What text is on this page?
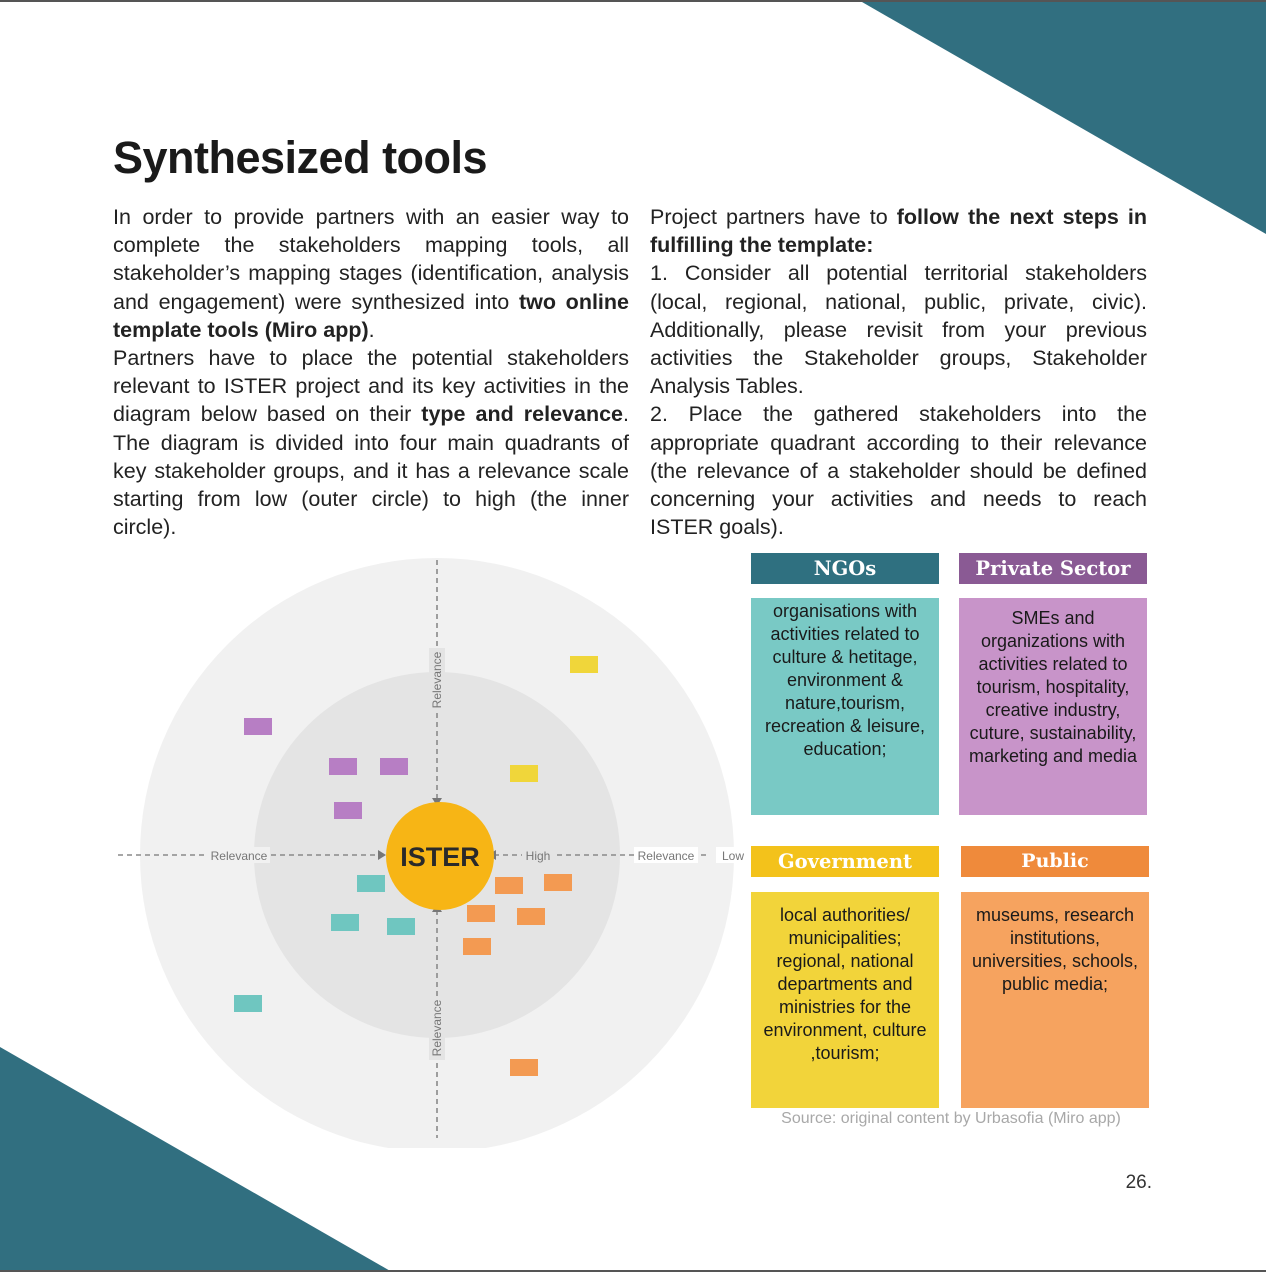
Synthesized tools

In order to provide partners with an easier way to complete the stakeholders mapping tools, all stakeholder’s mapping stages (identification, analysis and engagement) were synthesized into two online template tools (Miro app).

Partners have to place the potential stakeholders relevant to ISTER project and its key activities in the diagram below based on their type and relevance. The diagram is divided into four main quadrants of key stakeholder groups, and it has a relevance scale starting from low (outer circle) to high (the inner circle).

Project partners have to follow the next steps in fulfilling the template:

1. Consider all potential territorial stakeholders (local, regional, national, public, private, civic). Additionally, please revisit from your previous activities the Stakeholder groups, Stakeholder Analysis Tables.

2. Place the gathered stakeholders into the appropriate quadrant according to their relevance (the relevance of a stakeholder should be defined concerning your activities and needs to reach ISTER goals).

Relevance	High	Relevance Low
Relevance
Relevance
ISTER
NGOs
organisations with activities related to culture & hetitage, environment & nature,tourism, recreation & leisure, education;
Private Sector
SMEs and organizations with activities related to tourism, hospitality, creative industry, cuture, sustainability, marketing and media
Government
local authorities/ municipalities; regional, national departments and ministries for the environment, culture ,tourism;
Public
museums, research institutions, universities, schools, public media;
Source: original content by Urbasofia (Miro app)
26.
